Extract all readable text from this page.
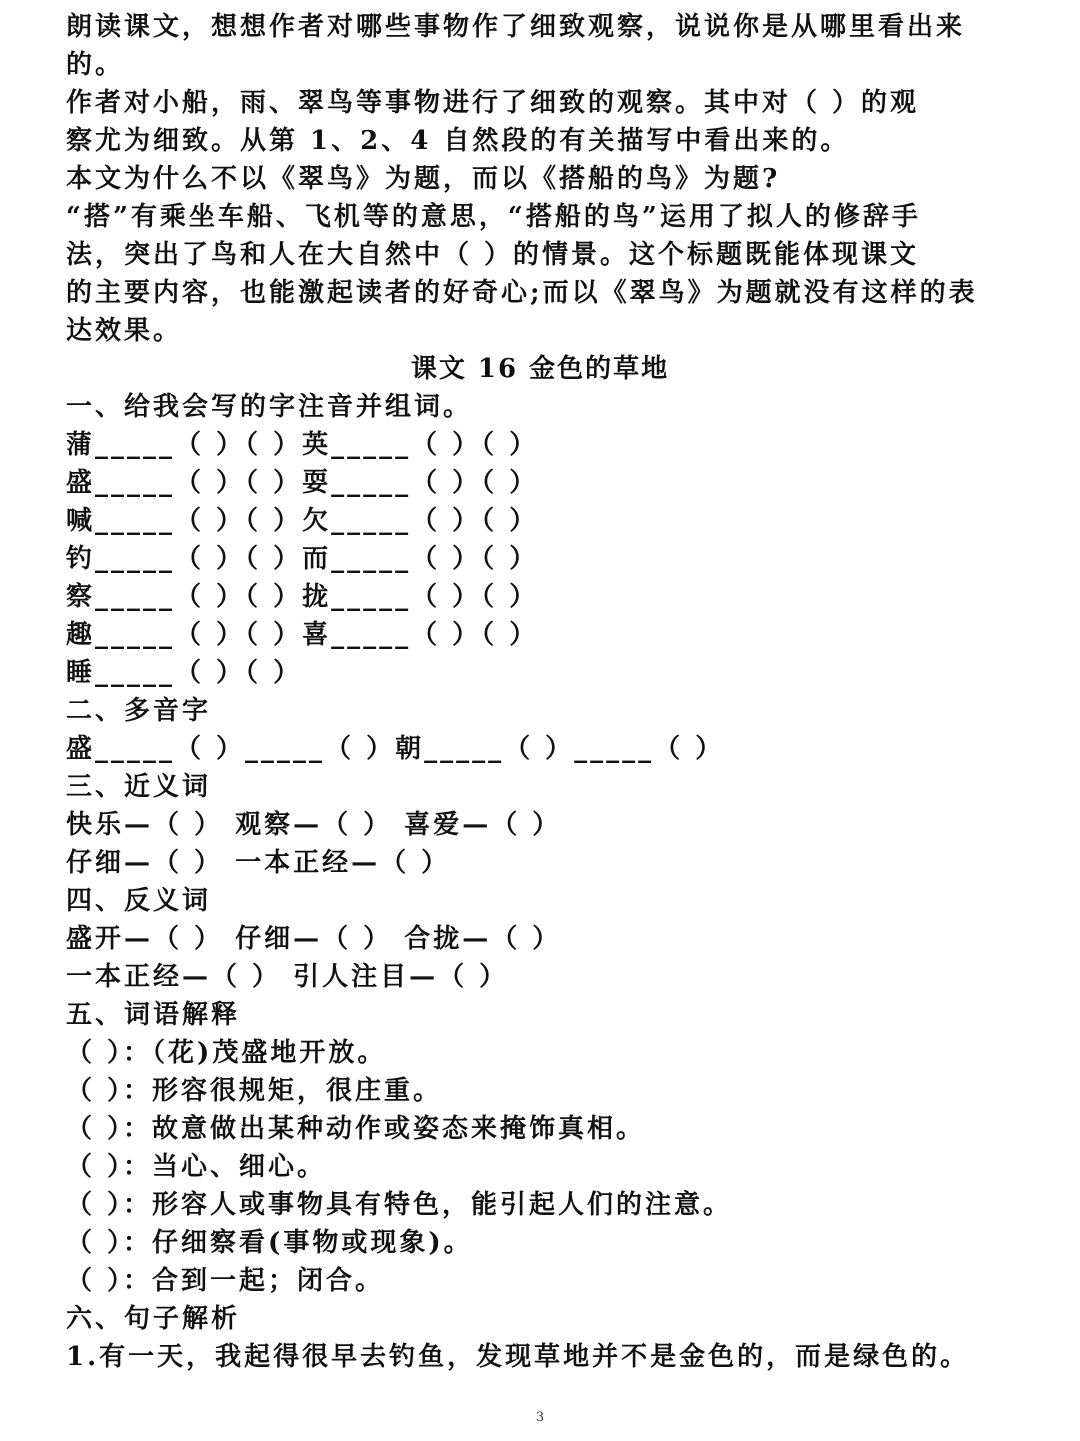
朗读课文，想想作者对哪些事物作了细致观察，说说你是从哪里看出来
的。
作者对小船，雨、翠鸟等事物进行了细致的观察。其中对（ ）的观
察尤为细致。从第 1、2、4 自然段的有关描写中看出来的。
本文为什么不以《翠鸟》为题，而以《搭船的鸟》为题?
“搭”有乘坐车船、飞机等的意思，“搭船的鸟”运用了拟人的修辞手
法，突出了鸟和人在大自然中（ ）的情景。这个标题既能体现课文
的主要内容，也能激起读者的好奇心;而以《翠鸟》为题就没有这样的表
达效果。
课文 16 金色的草地
一、给我会写的字注音并组词。
蒲_____（ ）（ ）英_____（ ）（ ）
盛_____（ ）（ ）耍_____（ ）（ ）
喊_____（ ）（ ）欠_____（ ）（ ）
钓_____（ ）（ ）而_____（ ）（ ）
察_____（ ）（ ）拢_____（ ）（ ）
趣_____（ ）（ ）喜_____（ ）（ ）
睡_____（ ）（ ）
二、多音字
盛_____（ ）_____（ ）朝_____（ ）_____（ ）
三、近义词
快乐—（ ） 观察—（ ） 喜爱—（ ）
仔细—（ ） 一本正经—（ ）
四、反义词
盛开—（ ） 仔细—（ ） 合拢—（ ）
一本正经—（ ） 引人注目—（ ）
五、词语解释
（ ）：（花)茂盛地开放。
（ ）：形容很规矩，很庄重。
（ ）：故意做出某种动作或姿态来掩饰真相。
（ ）：当心、细心。
（ ）：形容人或事物具有特色，能引起人们的注意。
（ ）：仔细察看(事物或现象)。
（ ）：合到一起；闭合。
六、句子解析
1.有一天，我起得很早去钓鱼，发现草地并不是金色的，而是绿色的。
3
